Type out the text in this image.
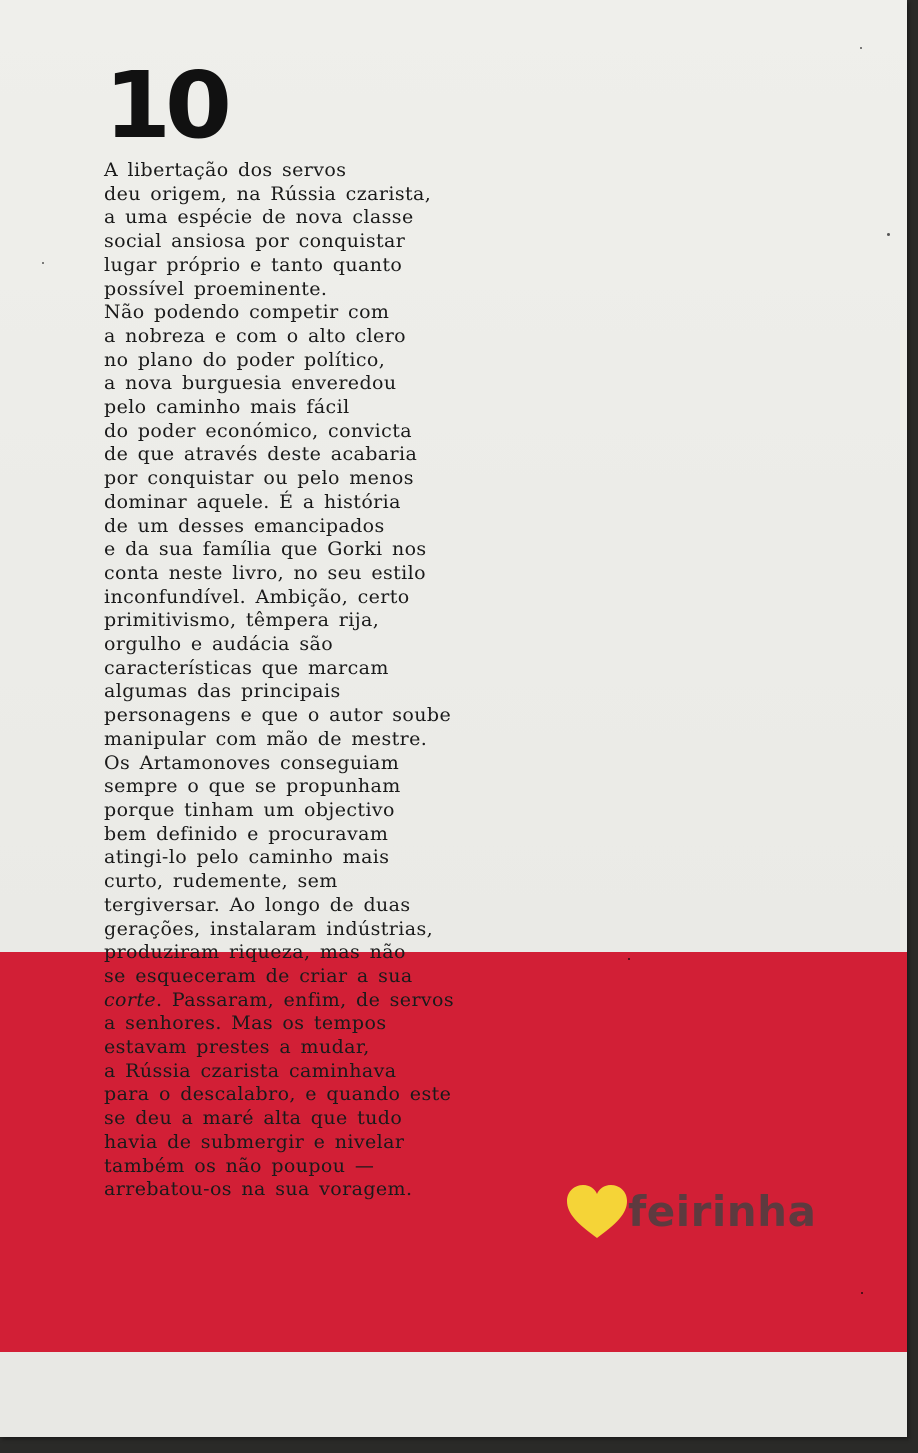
10
A libertação dos servos
deu origem, na Rússia czarista,
a uma espécie de nova classe
social ansiosa por conquistar
lugar próprio e tanto quanto
possível proeminente.
Não podendo competir com
a nobreza e com o alto clero
no plano do poder político,
a nova burguesia enveredou
pelo caminho mais fácil
do poder económico, convicta
de que através deste acabaria
por conquistar ou pelo menos
dominar aquele. É a história
de um desses emancipados
e da sua família que Gorki nos
conta neste livro, no seu estilo
inconfundível. Ambição, certo
primitivismo, têmpera rija,
orgulho e audácia são
características que marcam
algumas das principais
personagens e que o autor soube
manipular com mão de mestre.
Os Artamonoves conseguiam
sempre o que se propunham
porque tinham um objectivo
bem definido e procuravam
atingi-lo pelo caminho mais
curto, rudemente, sem
tergiversar. Ao longo de duas
gerações, instalaram indústrias,
produziram riqueza, mas não
se esqueceram de criar a sua
corte. Passaram, enfim, de servos
a senhores. Mas os tempos
estavam prestes a mudar,
a Rússia czarista caminhava
para o descalabro, e quando este
se deu a maré alta que tudo
havia de submergir e nivelar
também os não poupou —
arrebatou-os na sua voragem.	feirinha
